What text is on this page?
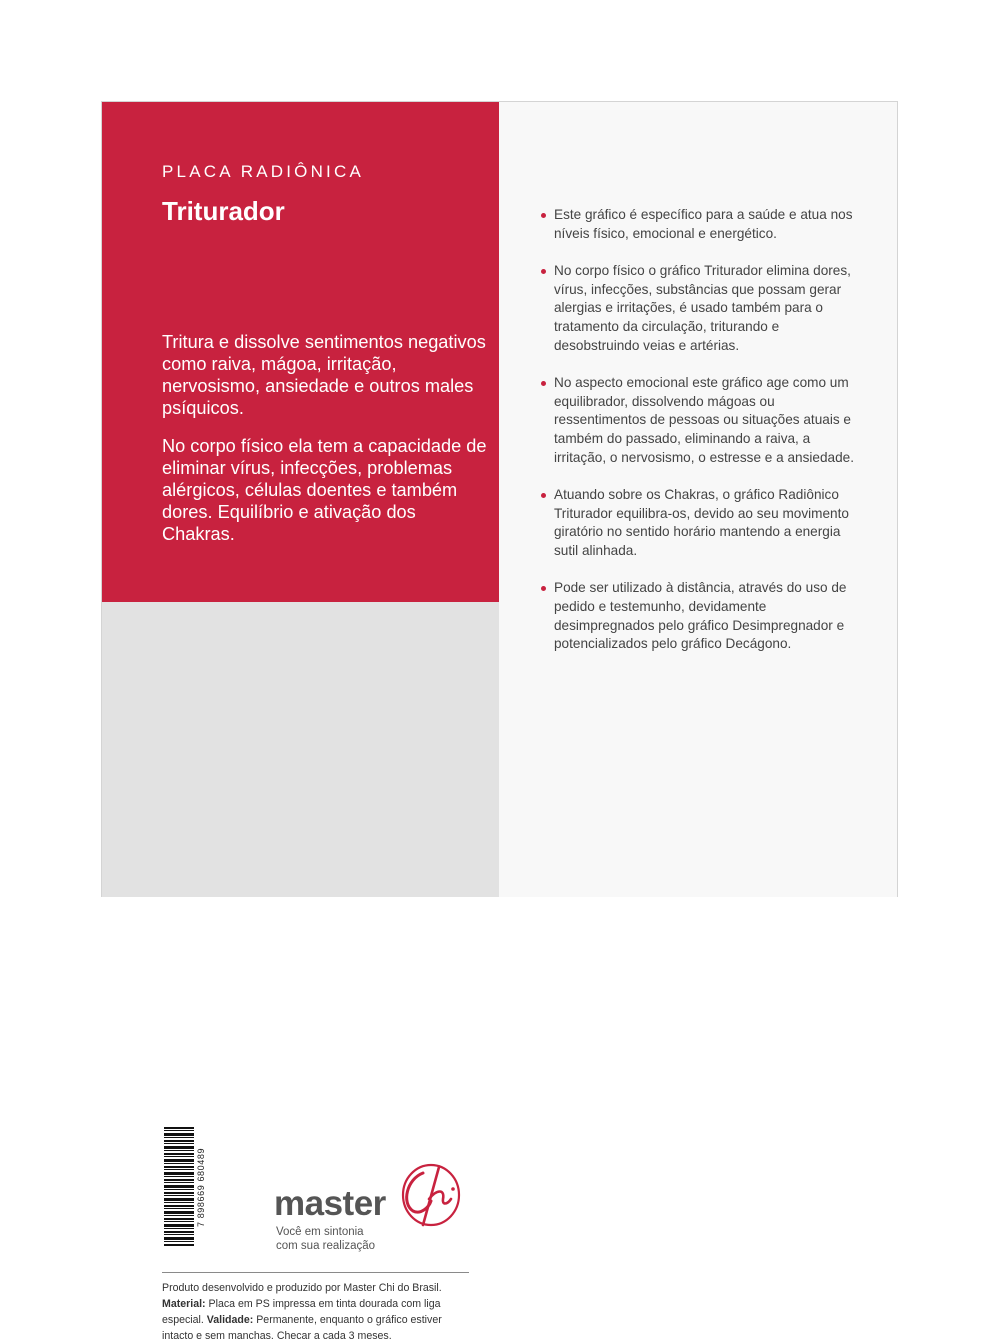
PLACA RADIÔNICA
Triturador

Tritura e dissolve sentimentos negativos como raiva, mágoa, irritação, nervosismo, ansiedade e outros males psíquicos.

No corpo físico ela tem a capacidade de eliminar vírus, infecções, problemas alérgicos, células doentes e também dores. Equilíbrio e ativação dos Chakras.

7 898669 680489 master
Chi
Você em sintonia
com sua realização

Produto desenvolvido e produzido por Master Chi do Brasil. Material: Placa em PS impressa em tinta dourada com liga especial. Validade: Permanente, enquanto o gráfico estiver intacto e sem manchas. Checar a cada 3 meses.

Este gráfico é específico para a saúde e atua nos níveis físico, emocional e energético.
No corpo físico o gráfico Triturador elimina dores, vírus, infecções, substâncias que possam gerar alergias e irritações, é usado também para o tratamento da circulação, triturando e desobstruindo veias e artérias.
No aspecto emocional este gráfico age como um equilibrador, dissolvendo mágoas ou ressentimentos de pessoas ou situações atuais e também do passado, eliminando a raiva, a irritação, o nervosismo, o estresse e a ansiedade.
Atuando sobre os Chakras, o gráfico Radiônico Triturador equilibra-os, devido ao seu movimento giratório no sentido horário mantendo a energia sutil alinhada.
Pode ser utilizado à distância, através do uso de pedido e testemunho, devidamente desimpregnados pelo gráfico Desimpregnador e potencializados pelo gráfico Decágono.
